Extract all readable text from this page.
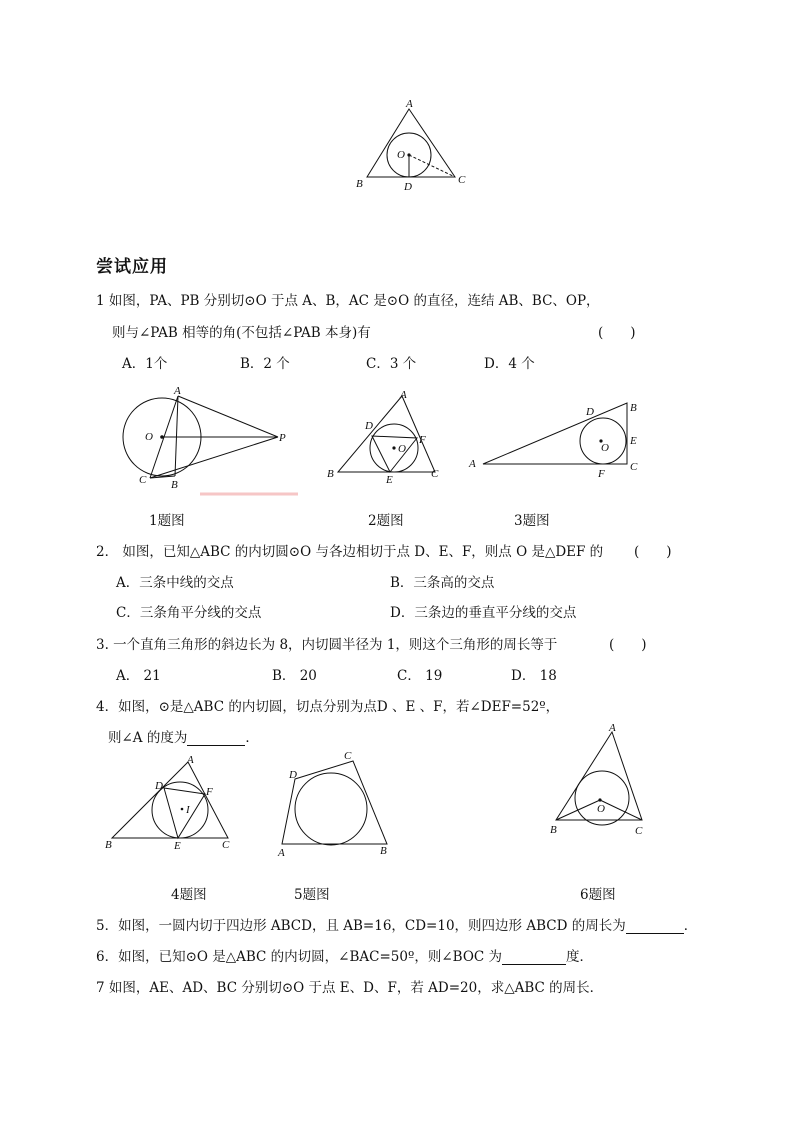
A
O
B	D
C
尝试应用
1 如图，PA、PB 分别切⊙O 于点 A、B，AC 是⊙O 的直径，连结 AB、BC、OP，
则与∠PAB 相等的角(不包括∠PAB 本身)有	(　　)
A．1个	B．2 个	C．3 个	D．4 个
A
O	P
C B
A
D
F
O
B	E	C
D	B
O
E
A
F
C
1题图	2题图	3题图
2． 如图，已知△ABC 的内切圆⊙O 与各边相切于点 D、E、F，则点 O 是△DEF 的 (　　)
A．三条中线的交点	B．三条高的交点
C．三条角平分线的交点	D．三条边的垂直平分线的交点
3. 一个直角三角形的斜边长为 8，内切圆半径为 1，则这个三角形的周长等于	(　　)
A． 21	B． 20	C． 19	D． 18
4．如图，⊙是△ABC 的内切圆，切点分别为点D 、E 、F，若∠DEF=52º，
则∠A 的度为	．
A
D	F
I
B	E	C
C
D
A	B
A
O
B	C
4题图	5题图	6题图
5．如图，一圆内切于四边形 ABCD，且 AB=16，CD=10，则四边形 ABCD 的周长为	．
6．如图，已知⊙O 是△ABC 的内切圆，∠BAC=50º，则∠BOC 为	度．
7 如图，AE、AD、BC 分别切⊙O 于点 E、D、F，若 AD=20，求△ABC 的周长．
